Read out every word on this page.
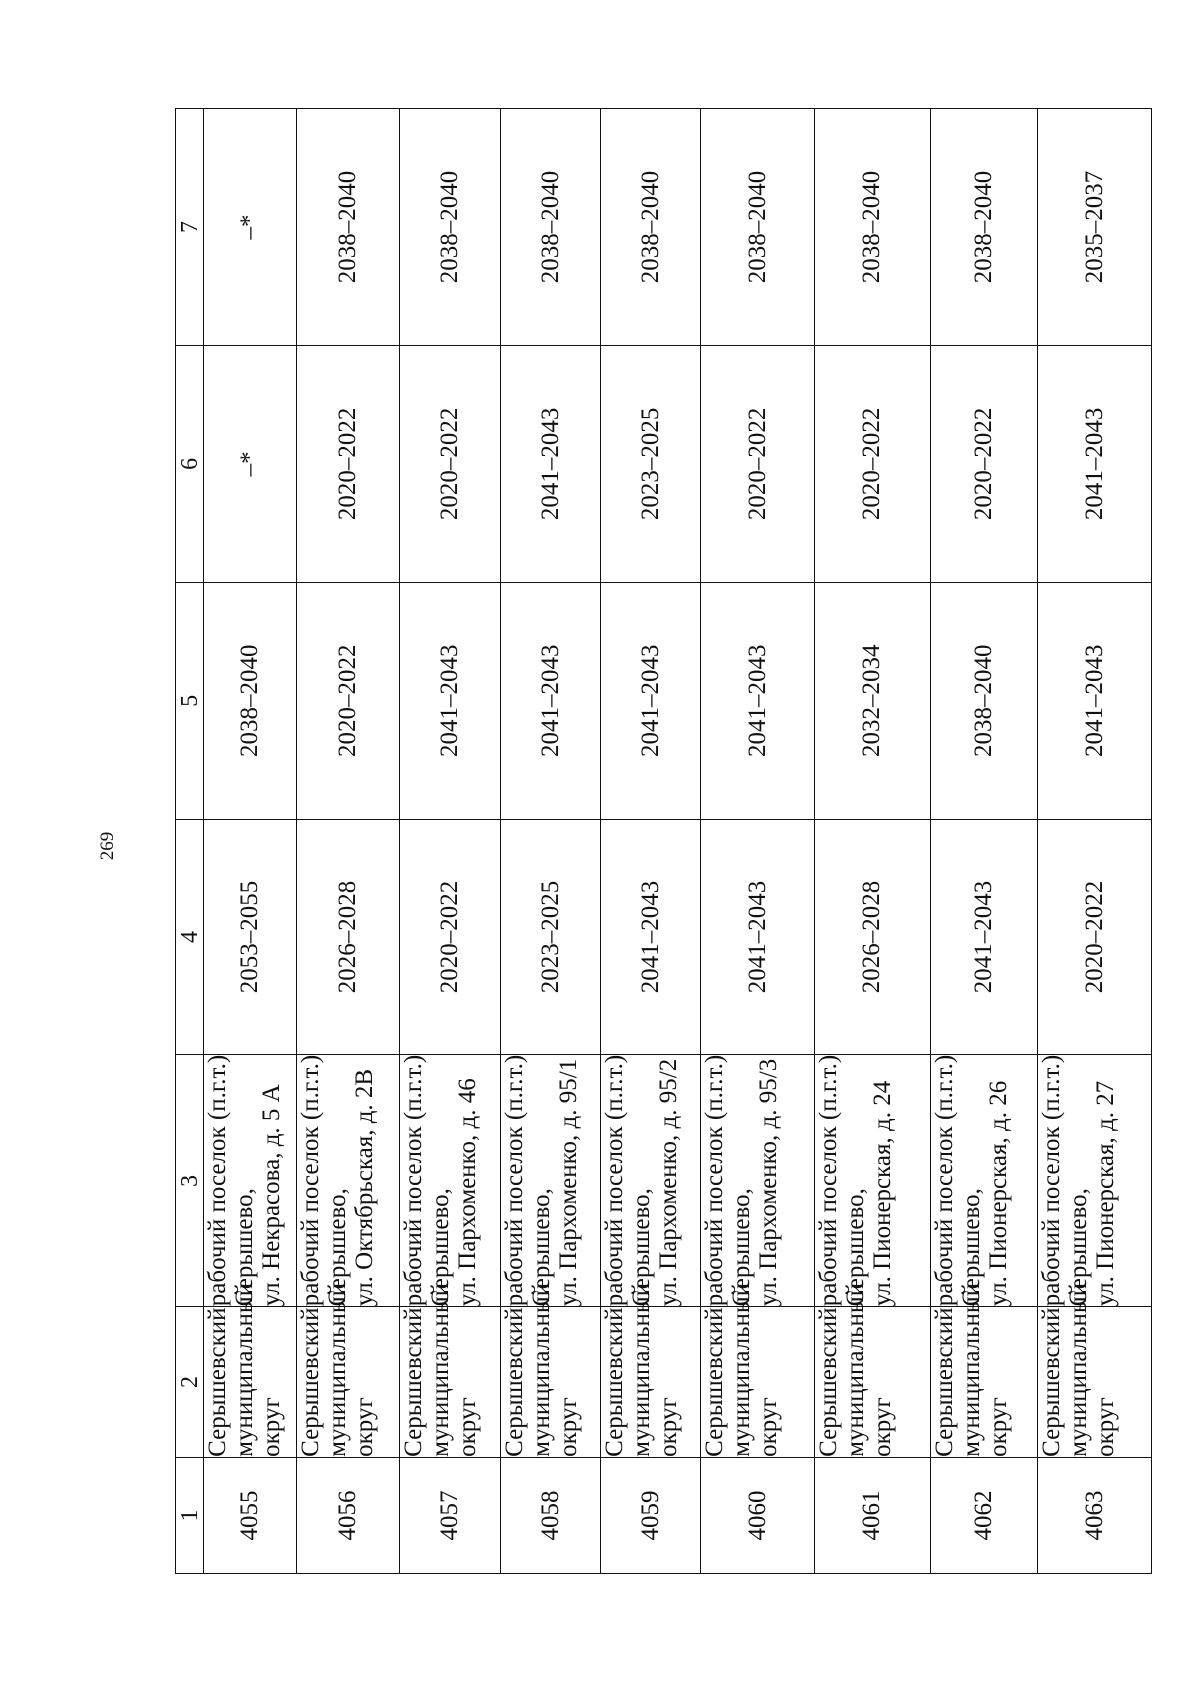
269
1	2	3	4	5	6	7
4055	Серышевский муниципальный округ	рабочий поселок (п.г.т.) Серышево, ул. Некрасова, д. 5 А	2053–2055	2038–2040	–*	–*
4056	Серышевский муниципальный округ	рабочий поселок (п.г.т.) Серышево, ул. Октябрьская, д. 2В	2026–2028	2020–2022	2020–2022	2038–2040
4057	Серышевский муниципальный округ	рабочий поселок (п.г.т.) Серышево, ул. Пархоменко, д. 46	2020–2022	2041–2043	2020–2022	2038–2040
4058	Серышевский муниципальный округ	рабочий поселок (п.г.т.) Серышево, ул. Пархоменко, д. 95/1	2023–2025	2041–2043	2041–2043	2038–2040
4059	Серышевский муниципальный округ	рабочий поселок (п.г.т.) Серышево, ул. Пархоменко, д. 95/2	2041–2043	2041–2043	2023–2025	2038–2040
4060	Серышевский муниципальный округ	рабочий поселок (п.г.т.) Серышево, ул. Пархоменко, д. 95/3	2041–2043	2041–2043	2020–2022	2038–2040
4061	Серышевский муниципальный округ	рабочий поселок (п.г.т.) Серышево, ул. Пионерская, д. 24	2026–2028	2032–2034	2020–2022	2038–2040
4062	Серышевский муниципальный округ	рабочий поселок (п.г.т.) Серышево, ул. Пионерская, д. 26	2041–2043	2038–2040	2020–2022	2038–2040
4063	Серышевский муниципальный округ	рабочий поселок (п.г.т.) Серышево, ул. Пионерская, д. 27	2020–2022	2041–2043	2041–2043	2035–2037
